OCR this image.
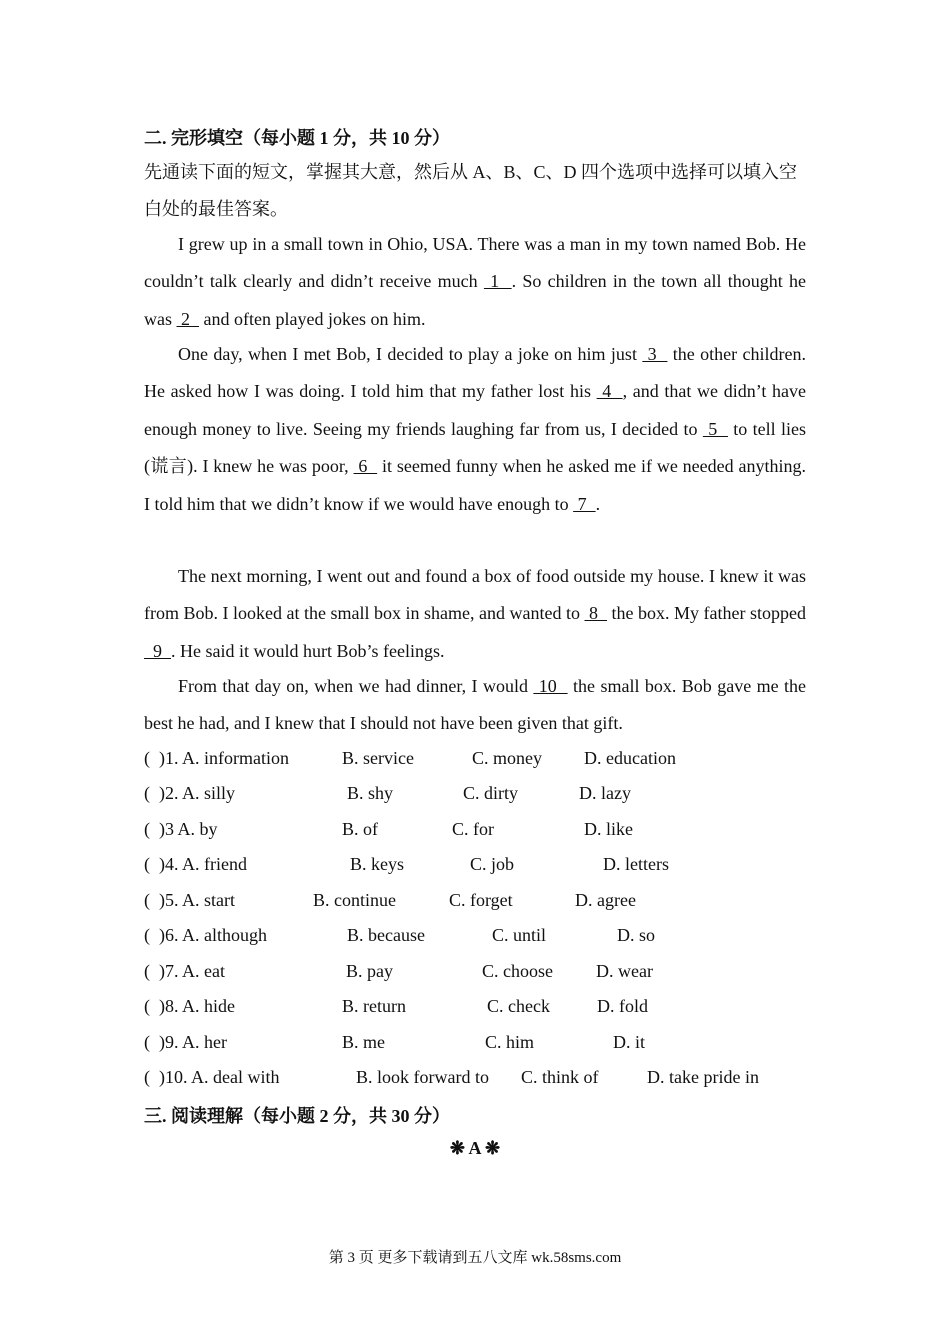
二. 完形填空（每小题 1 分，共 10 分）
先通读下面的短文，掌握其大意，然后从 A、B、C、D 四个选项中选择可以填入空白处的最佳答案。
I grew up in a small town in Ohio, USA. There was a man in my town named Bob. He couldn’t talk clearly and didn’t receive much  1  . So children in the town all thought he was  2   and often played jokes on him.
One day, when I met Bob, I decided to play a joke on him just  3   the other children. He asked how I was doing. I told him that my father lost his  4  , and that we didn’t have enough money to live. Seeing my friends laughing far from us, I decided to  5   to tell lies (谎言). I knew he was poor,  6   it seemed funny when he asked me if we needed anything. I told him that we didn’t know if we would have enough to  7  .
The next morning, I went out and found a box of food outside my house. I knew it was from Bob. I looked at the small box in shame, and wanted to  8   the box. My father stopped   9  . He said it would hurt Bob’s feelings.
From that day on, when we had dinner, I would  10   the small box. Bob gave me the best he had, and I knew that I should not have been given that gift.
(  )1. A. information	B. service	C. money D. education
(  )2. A. silly	B. shy	C. dirty	D. lazy
(  )3 A. by	B. of	C. for	D. like
(  )4. A. friend	B. keys	C. job	D. letters
(  )5. A. start	B. continue	C. forget	D. agree
(  )6. A. although	B. because	C. until	D. so
(  )7. A. eat	B. pay	C. choose D. wear
(  )8. A. hide	B. return	C. check	D. fold
(  )9. A. her	B. me	C. him	D. it
(  )10. A. deal with	B. look forward to C. think of	D. take pride in
三. 阅读理解（每小题 2 分，共 30 分）
❋ A ❋
第 3 页 更多下载请到五八文库 wk.58sms.com
